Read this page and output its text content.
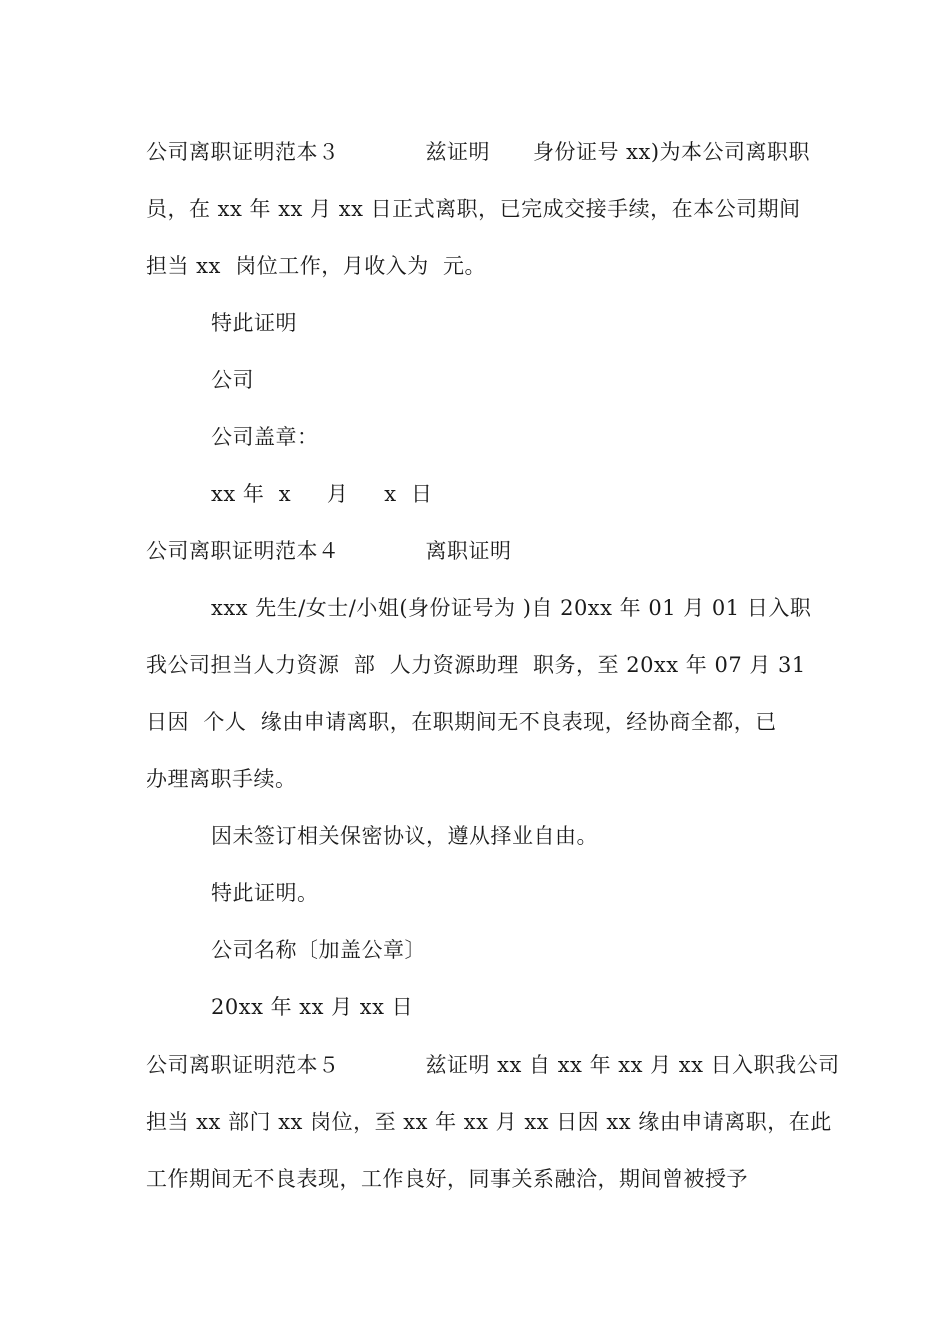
公司离职证明范本３　　　　兹证明　　身份证号 xx)为本公司离职职
员，在 xx 年 xx 月 xx 日正式离职，已完成交接手续，在本公司期间
担当 xx  岗位工作，月收入为  元。
特此证明
公司
公司盖章：
xx 年  x　  月 　 x  日
公司离职证明范本４　　　　离职证明
xxx 先生/女士/小姐(身份证号为 )自 20xx 年 01 月 01 日入职
我公司担当人力资源  部  人力资源助理  职务，至 20xx 年 07 月 31
日因  个人  缘由申请离职，在职期间无不良表现，经协商全都，已
办理离职手续。
因未签订相关保密协议，遵从择业自由。
特此证明。
公司名称〔加盖公章〕
20xx 年 xx 月 xx 日
公司离职证明范本５　　　　兹证明 xx 自 xx 年 xx 月 xx 日入职我公司
担当 xx 部门 xx 岗位，至 xx 年 xx 月 xx 日因 xx 缘由申请离职，在此
工作期间无不良表现，工作良好，同事关系融洽，期间曾被授予
